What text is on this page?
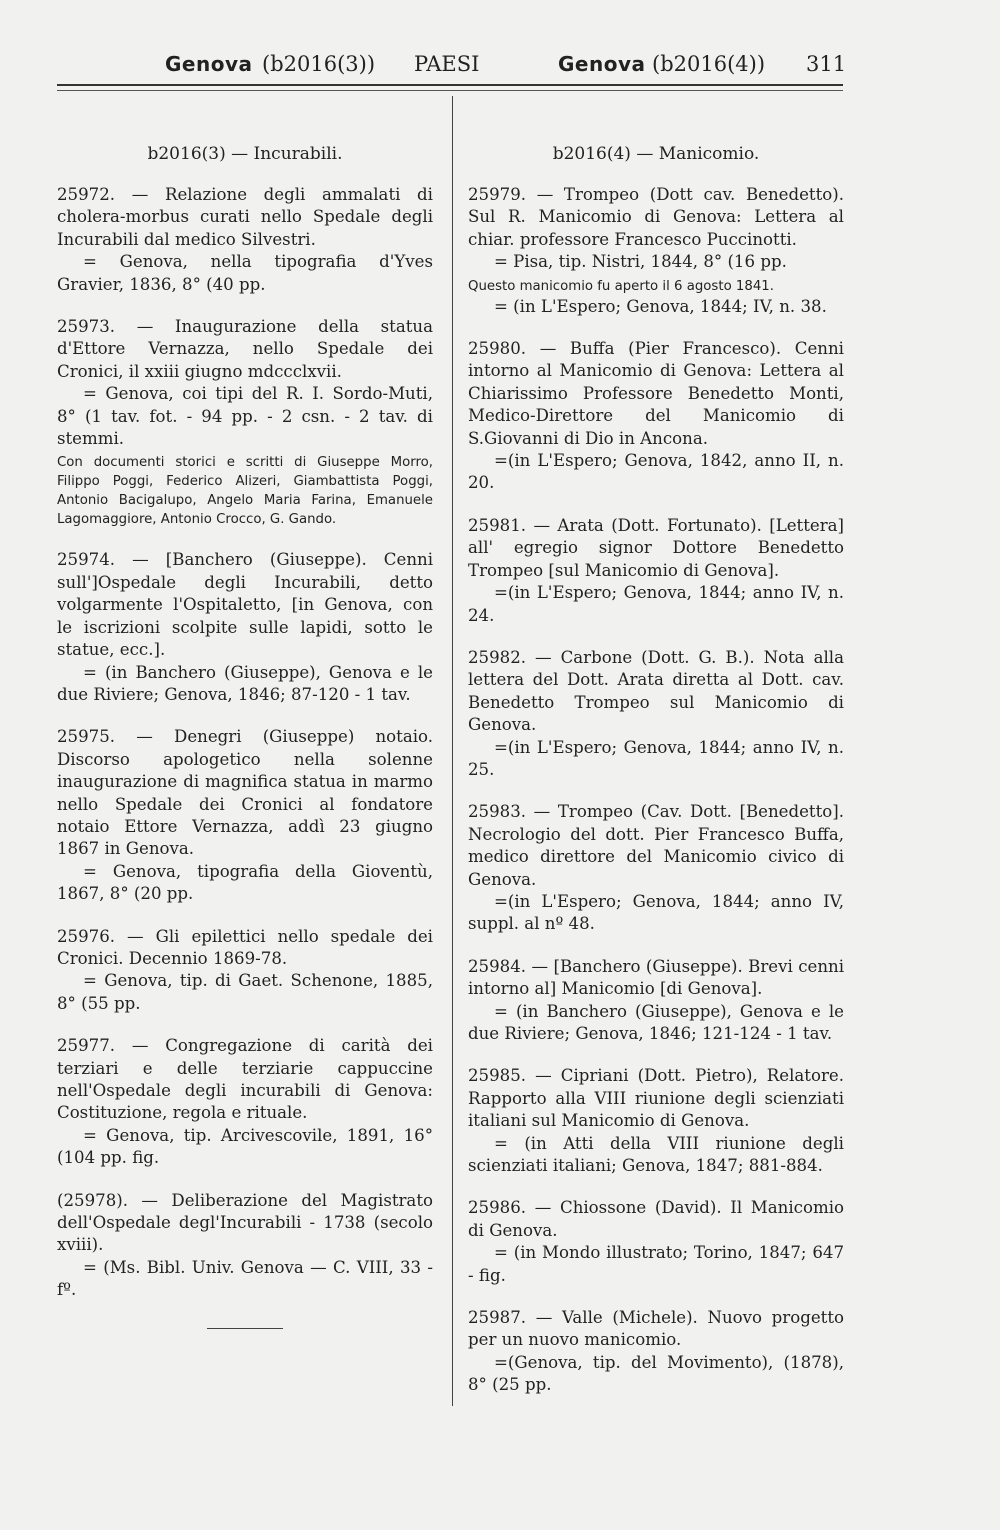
Genova (b2016(3)) PAESI	Genova (b2016(4)) 311
b2016(3) — Incurabili.

25972. — Relazione degli ammalati di cholera-morbus curati nello Spedale degli Incurabili dal medico Silvestri.

= Genova, nella tipografia d'Yves Gravier, 1836, 8° (40 pp.

25973. — Inaugurazione della statua d'Ettore Vernazza, nello Spedale dei Cronici, il xxiii giugno mdccclxvii.

= Genova, coi tipi del R. I. Sordo-Muti, 8° (1 tav. fot. - 94 pp. - 2 csn. - 2 tav. di stemmi.

Con documenti storici e scritti di Giuseppe Morro, Filippo Poggi, Federico Alizeri, Giambattista Poggi, Antonio Bacigalupo, Angelo Maria Farina, Emanuele Lagomaggiore, Antonio Crocco, G. Gando.

25974. — [Banchero (Giuseppe). Cenni sull']Ospedale degli Incurabili, detto volgarmente l'Ospitaletto, [in Genova, con le iscrizioni scolpite sulle lapidi, sotto le statue, ecc.].

= (in Banchero (Giuseppe), Genova e le due Riviere; Genova, 1846; 87-120 - 1 tav.

25975. — Denegri (Giuseppe) notaio. Discorso apologetico nella solenne inaugurazione di magnifica statua in marmo nello Spedale dei Cronici al fondatore notaio Ettore Vernazza, addì 23 giugno 1867 in Genova.

= Genova, tipografia della Gioventù, 1867, 8° (20 pp.

25976. — Gli epilettici nello spedale dei Cronici. Decennio 1869-78.

= Genova, tip. di Gaet. Schenone, 1885, 8° (55 pp.

25977. — Congregazione di carità dei terziari e delle terziarie cappuccine nell'Ospedale degli incurabili di Genova: Costituzione, regola e rituale.

= Genova, tip. Arcivescovile, 1891, 16° (104 pp. fig.

(25978). — Deliberazione del Magistrato dell'Ospedale degl'Incurabili - 1738 (secolo xviii).

= (Ms. Bibl. Univ. Genova — C. VIII, 33 - fº.

b2016(4) — Manicomio.

25979. — Trompeo (Dott cav. Benedetto). Sul R. Manicomio di Genova: Lettera al chiar. professore Francesco Puccinotti.

= Pisa, tip. Nistri, 1844, 8° (16 pp.

Questo manicomio fu aperto il 6 agosto 1841.

= (in L'Espero; Genova, 1844; IV, n. 38.

25980. — Buffa (Pier Francesco). Cenni intorno al Manicomio di Genova: Lettera al Chiarissimo Professore Benedetto Monti, Medico-Direttore del Manicomio di S.Giovanni di Dio in Ancona.

=(in L'Espero; Genova, 1842, anno II, n. 20.

25981. — Arata (Dott. Fortunato). [Lettera] all' egregio signor Dottore Benedetto Trompeo [sul Manicomio di Genova].

=(in L'Espero; Genova, 1844; anno IV, n. 24.

25982. — Carbone (Dott. G. B.). Nota alla lettera del Dott. Arata diretta al Dott. cav. Benedetto Trompeo sul Manicomio di Genova.

=(in L'Espero; Genova, 1844; anno IV, n. 25.

25983. — Trompeo (Cav. Dott. [Benedetto]. Necrologio del dott. Pier Francesco Buffa, medico direttore del Manicomio civico di Genova.

=(in L'Espero; Genova, 1844; anno IV, suppl. al nº 48.

25984. — [Banchero (Giuseppe). Brevi cenni intorno al] Manicomio [di Genova].

= (in Banchero (Giuseppe), Genova e le due Riviere; Genova, 1846; 121-124 - 1 tav.

25985. — Cipriani (Dott. Pietro), Relatore. Rapporto alla VIII riunione degli scienziati italiani sul Manicomio di Genova.

= (in Atti della VIII riunione degli scienziati italiani; Genova, 1847; 881-884.

25986. — Chiossone (David). Il Manicomio di Genova.

= (in Mondo illustrato; Torino, 1847; 647 - fig.

25987. — Valle (Michele). Nuovo progetto per un nuovo manicomio.

=(Genova, tip. del Movimento), (1878), 8° (25 pp.
